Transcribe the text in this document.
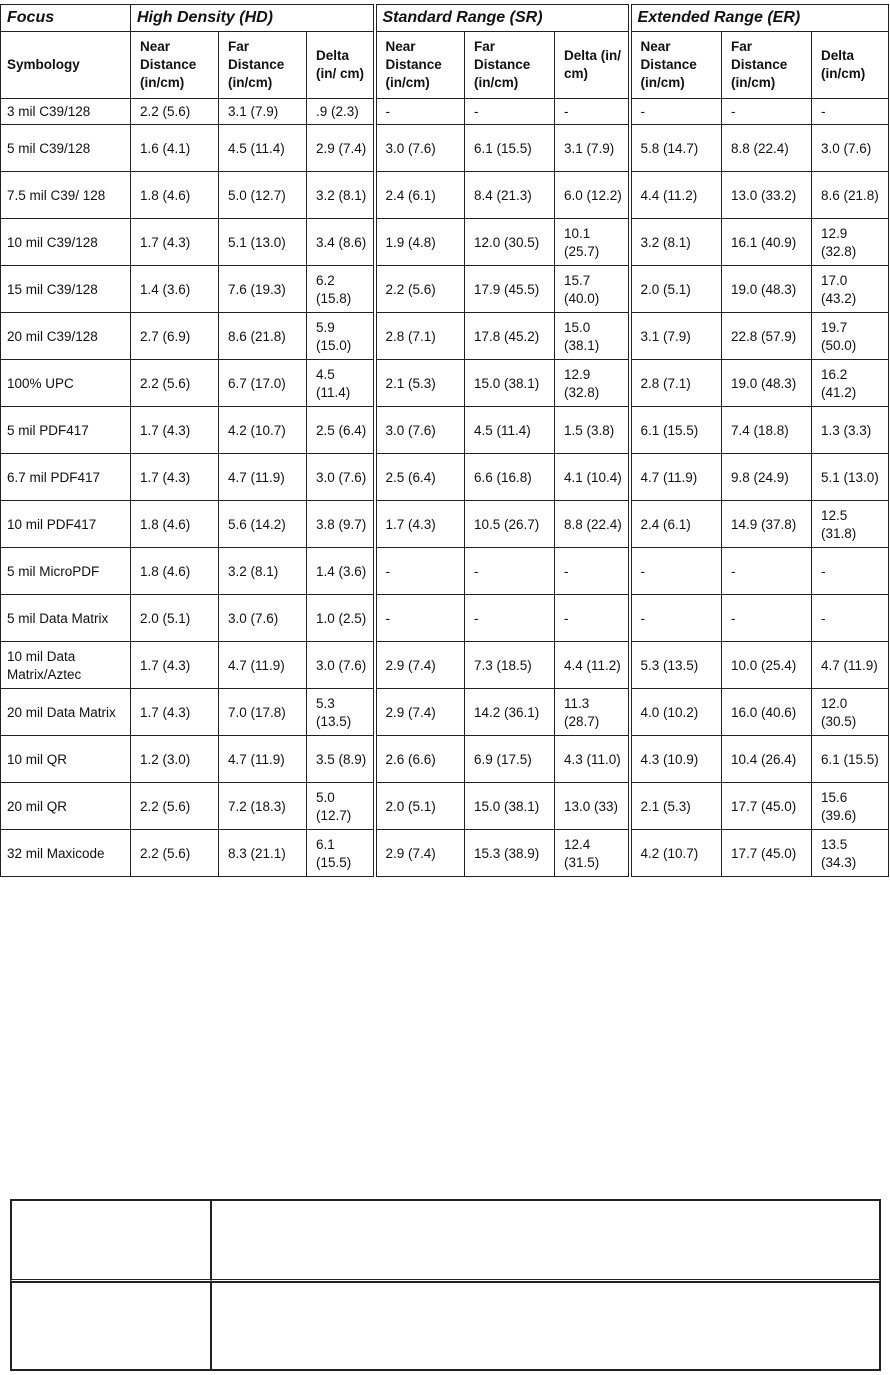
Focus	High Density (HD)			Standard Range (SR)			Extended Range (ER)		
Symbology	Near Distance (in/cm)	Far Distance (in/cm)	Delta (in/ cm)	Near Distance (in/cm)	Far Distance (in/cm)	Delta (in/ cm)	Near Distance (in/cm)	Far Distance (in/cm)	Delta (in/cm)
3 mil C39/128	2.2 (5.6)	3.1 (7.9)	.9 (2.3)	-	-	-	-	-	-
5 mil C39/128	1.6 (4.1)	4.5 (11.4)	2.9 (7.4)	3.0 (7.6)	6.1 (15.5)	3.1 (7.9)	5.8 (14.7)	8.8 (22.4)	3.0 (7.6)
7.5 mil C39/ 128	1.8 (4.6)	5.0 (12.7)	3.2 (8.1)	2.4 (6.1)	8.4 (21.3)	6.0 (12.2)	4.4 (11.2)	13.0 (33.2)	8.6 (21.8)
10 mil C39/128	1.7 (4.3)	5.1 (13.0)	3.4 (8.6)	1.9 (4.8)	12.0 (30.5)	10.1 (25.7)	3.2 (8.1)	16.1 (40.9)	12.9 (32.8)
15 mil C39/128	1.4 (3.6)	7.6 (19.3)	6.2 (15.8)	2.2 (5.6)	17.9 (45.5)	15.7 (40.0)	2.0 (5.1)	19.0 (48.3)	17.0 (43.2)
20 mil C39/128	2.7 (6.9)	8.6 (21.8)	5.9 (15.0)	2.8 (7.1)	17.8 (45.2)	15.0 (38.1)	3.1 (7.9)	22.8 (57.9)	19.7 (50.0)
100% UPC	2.2 (5.6)	6.7 (17.0)	4.5 (11.4)	2.1 (5.3)	15.0 (38.1)	12.9 (32.8)	2.8 (7.1)	19.0 (48.3)	16.2 (41.2)
5 mil PDF417	1.7 (4.3)	4.2 (10.7)	2.5 (6.4)	3.0 (7.6)	4.5 (11.4)	1.5 (3.8)	6.1 (15.5)	7.4 (18.8)	1.3 (3.3)
6.7 mil PDF417	1.7 (4.3)	4.7 (11.9)	3.0 (7.6)	2.5 (6.4)	6.6 (16.8)	4.1 (10.4)	4.7 (11.9)	9.8 (24.9)	5.1 (13.0)
10 mil PDF417	1.8 (4.6)	5.6 (14.2)	3.8 (9.7)	1.7 (4.3)	10.5 (26.7)	8.8 (22.4)	2.4 (6.1)	14.9 (37.8)	12.5 (31.8)
5 mil MicroPDF	1.8 (4.6)	3.2 (8.1)	1.4 (3.6)	-	-	-	-	-	-
5 mil Data Matrix	2.0 (5.1)	3.0 (7.6)	1.0 (2.5)	-	-	-	-	-	-
10 mil Data Matrix/Aztec	1.7 (4.3)	4.7 (11.9)	3.0 (7.6)	2.9 (7.4)	7.3 (18.5)	4.4 (11.2)	5.3 (13.5)	10.0 (25.4)	4.7 (11.9)
20 mil Data Matrix	1.7 (4.3)	7.0 (17.8)	5.3 (13.5)	2.9 (7.4)	14.2 (36.1)	11.3 (28.7)	4.0 (10.2)	16.0 (40.6)	12.0 (30.5)
10 mil QR	1.2 (3.0)	4.7 (11.9)	3.5 (8.9)	2.6 (6.6)	6.9 (17.5)	4.3 (11.0)	4.3 (10.9)	10.4 (26.4)	6.1 (15.5)
20 mil QR	2.2 (5.6)	7.2 (18.3)	5.0 (12.7)	2.0 (5.1)	15.0 (38.1)	13.0 (33)	2.1 (5.3)	17.7 (45.0)	15.6 (39.6)
32 mil Maxicode	2.2 (5.6)	8.3 (21.1)	6.1 (15.5)	2.9 (7.4)	15.3 (38.9)	12.4 (31.5)	4.2 (10.7)	17.7 (45.0)	13.5 (34.3)
